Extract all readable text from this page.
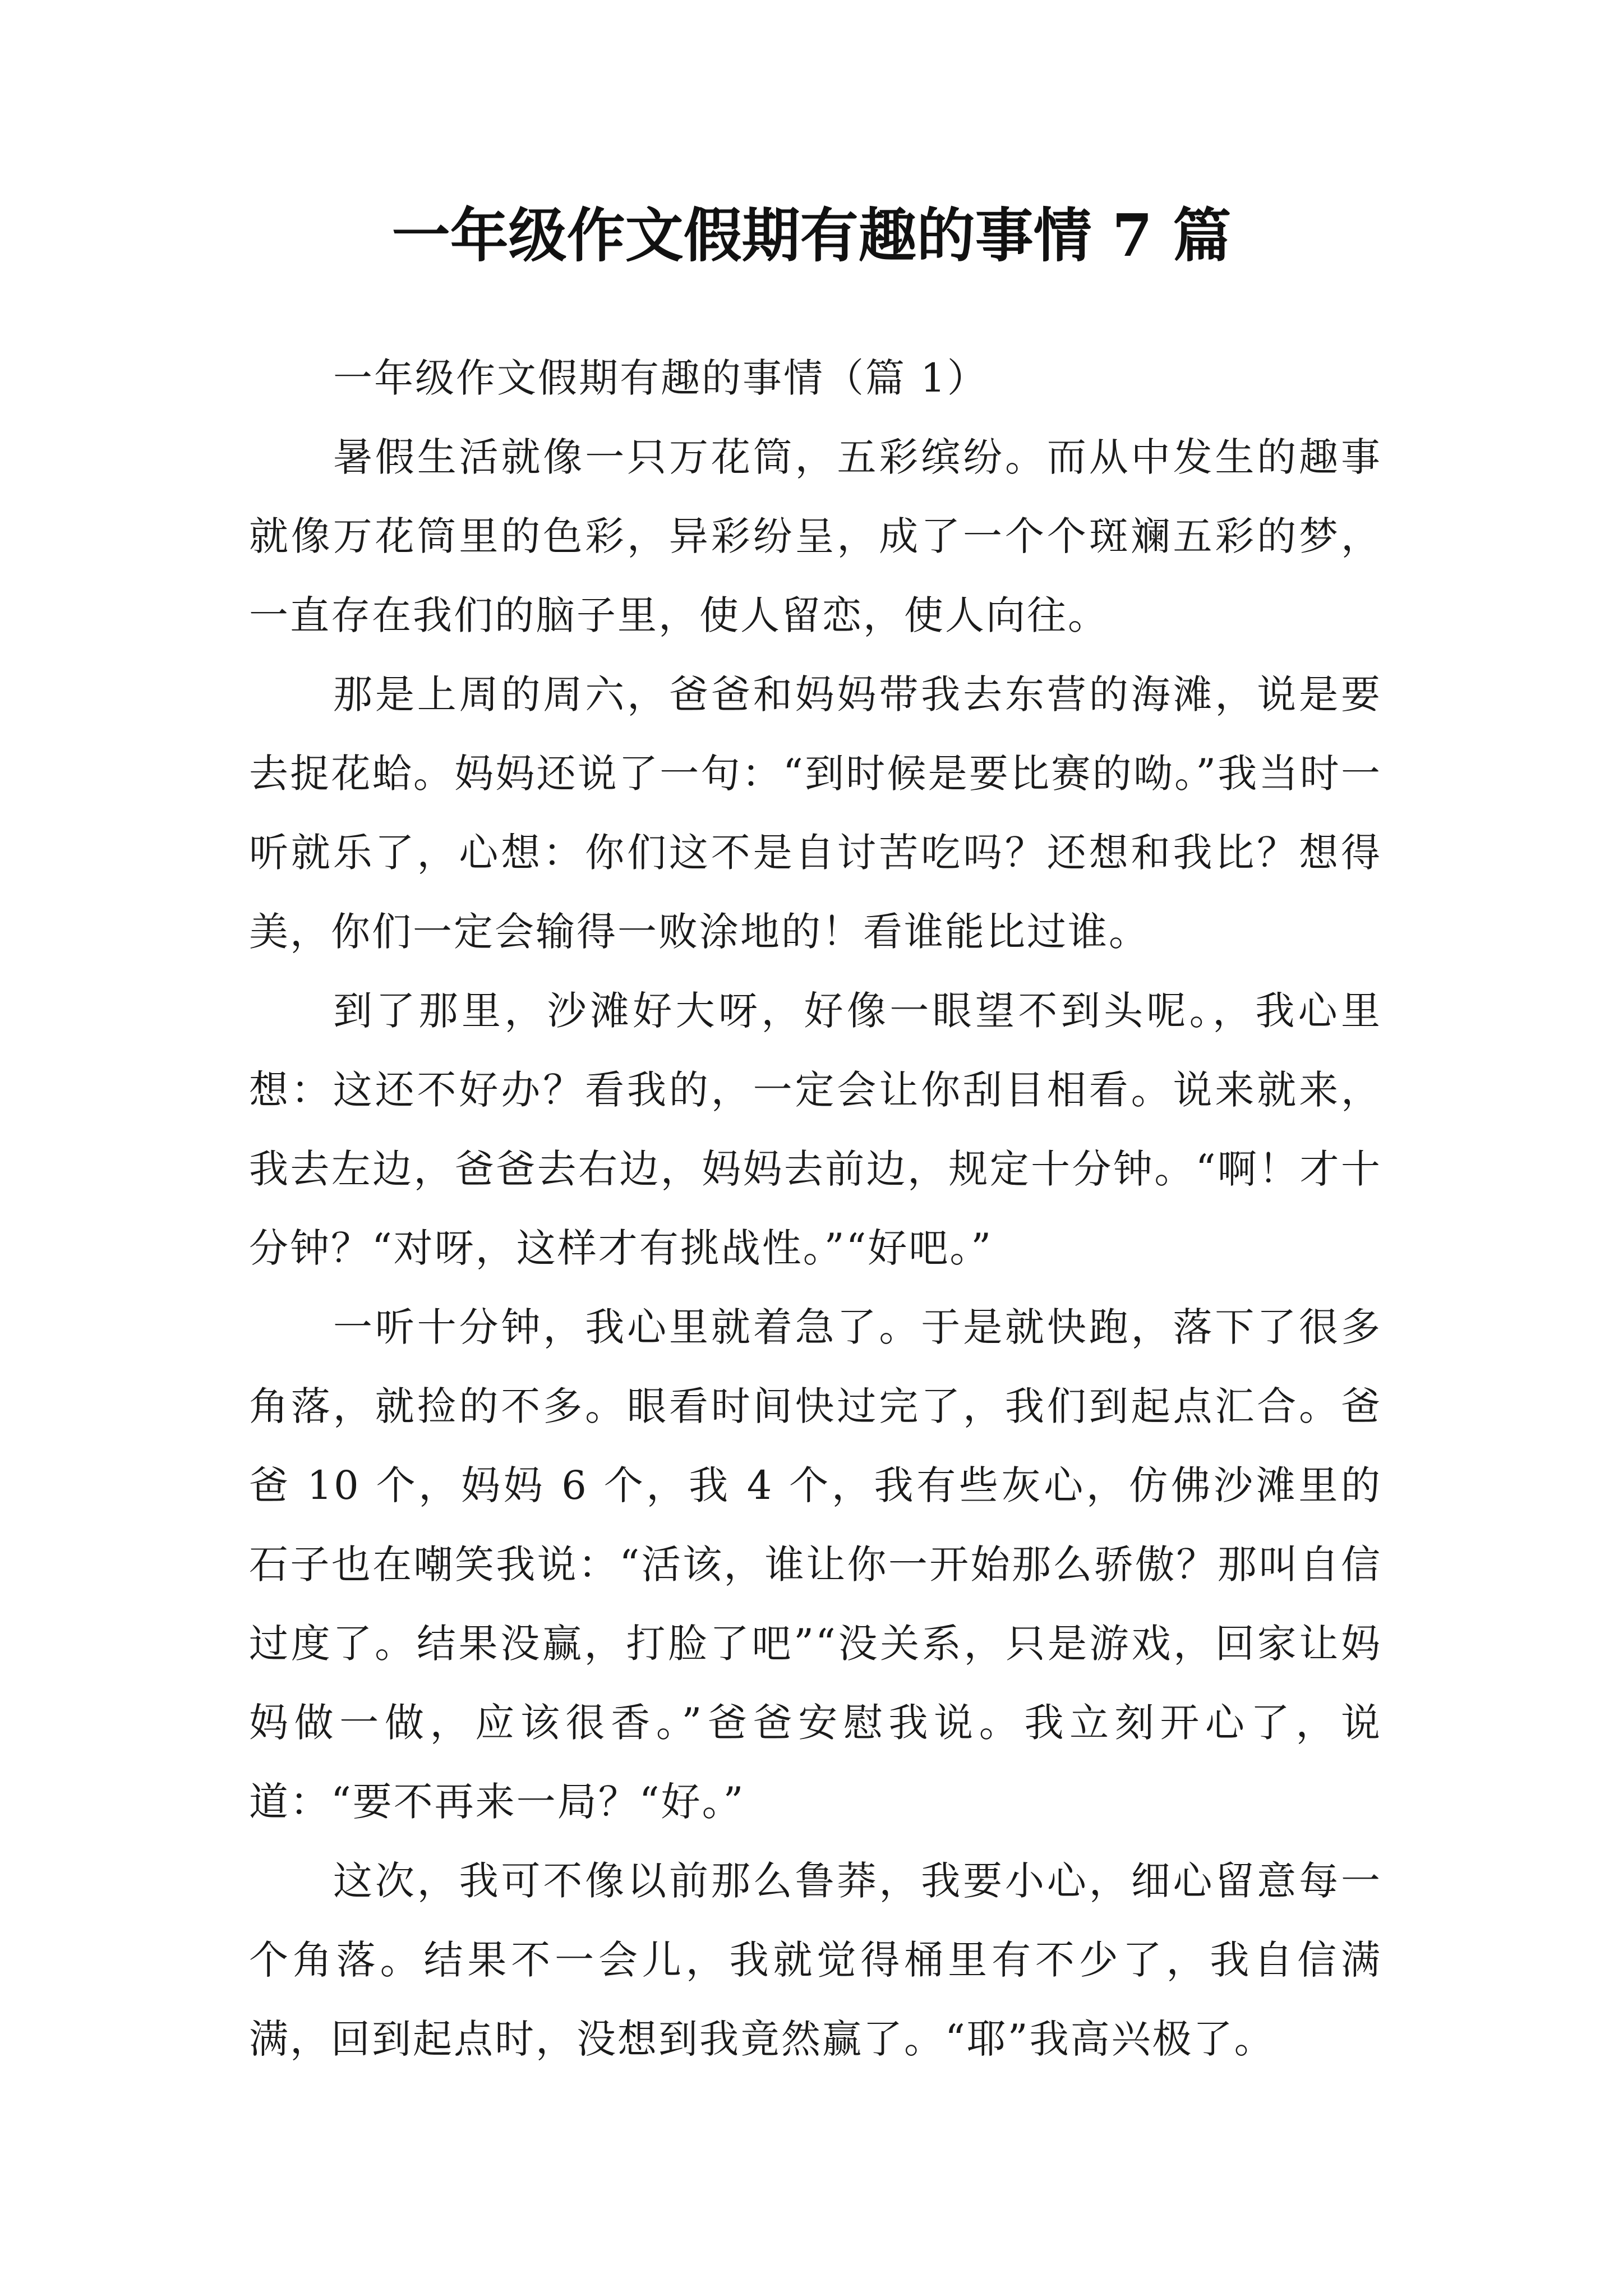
一年级作文假期有趣的事情 7 篇

一年级作文假期有趣的事情（篇 1）

暑假生活就像一只万花筒，五彩缤纷。而从中发生的趣事就像万花筒里的色彩，异彩纷呈，成了一个个斑斓五彩的梦，一直存在我们的脑子里，使人留恋，使人向往。

那是上周的周六，爸爸和妈妈带我去东营的海滩，说是要去捉花蛤。妈妈还说了一句：“到时候是要比赛的呦。”我当时一听就乐了，心想：你们这不是自讨苦吃吗？还想和我比？想得美，你们一定会输得一败涂地的！看谁能比过谁。

到了那里，沙滩好大呀，好像一眼望不到头呢。，我心里想：这还不好办？看我的，一定会让你刮目相看。说来就来，我去左边，爸爸去右边，妈妈去前边，规定十分钟。“啊！才十分钟？“对呀，这样才有挑战性。”“好吧。”

一听十分钟，我心里就着急了。于是就快跑，落下了很多角落，就捡的不多。眼看时间快过完了，我们到起点汇合。爸爸 10 个，妈妈 6 个，我 4 个，我有些灰心，仿佛沙滩里的石子也在嘲笑我说：“活该，谁让你一开始那么骄傲？那叫自信过度了。结果没赢，打脸了吧”“没关系，只是游戏，回家让妈妈做一做，应该很香。”爸爸安慰我说。我立刻开心了，说道：“要不再来一局？“好。”

这次，我可不像以前那么鲁莽，我要小心，细心留意每一个角落。结果不一会儿，我就觉得桶里有不少了，我自信满满，回到起点时，没想到我竟然赢了。“耶”我高兴极了。
